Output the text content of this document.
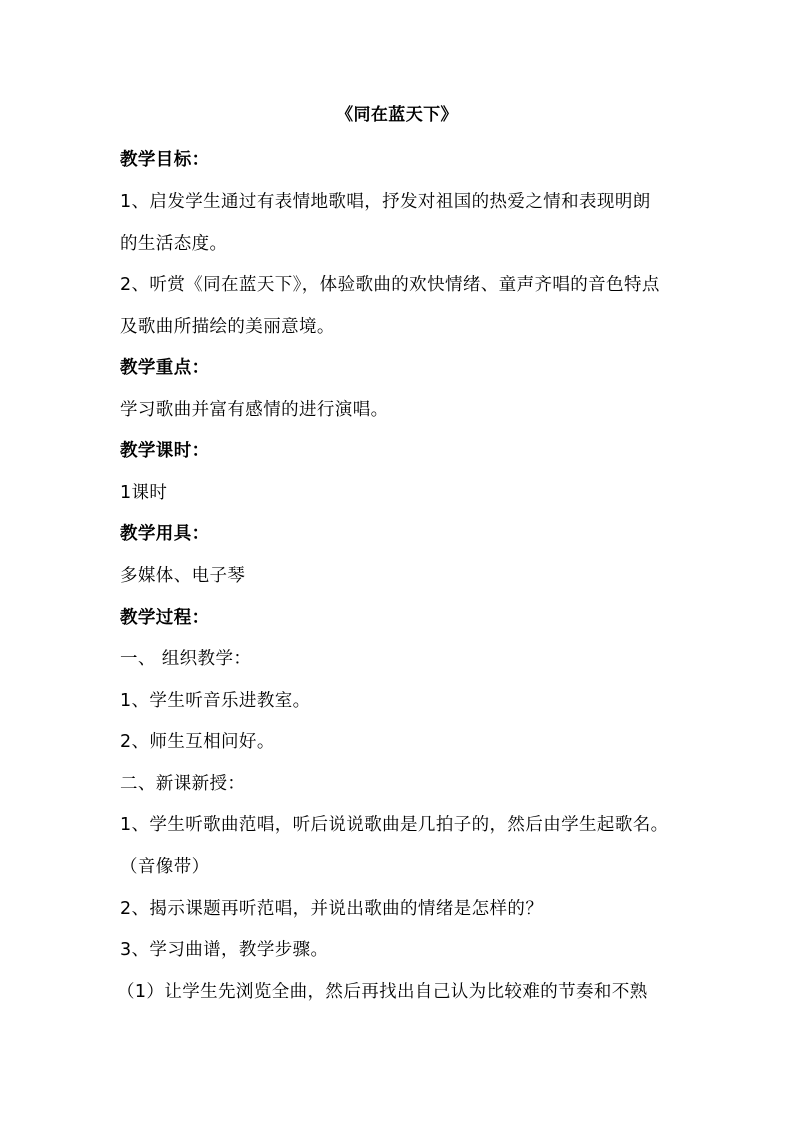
《同在蓝天下》
教学目标：
1、启发学生通过有表情地歌唱，抒发对祖国的热爱之情和表现明朗
的生活态度。
2、听赏《同在蓝天下》，体验歌曲的欢快情绪、童声齐唱的音色特点
及歌曲所描绘的美丽意境。
教学重点：
学习歌曲并富有感情的进行演唱。
教学课时：
1课时
教学用具：
多媒体、电子琴
教学过程：
一、 组织教学：
1、学生听音乐进教室。
2、师生互相问好。
二、新课新授：
1、学生听歌曲范唱，听后说说歌曲是几拍子的，然后由学生起歌名。
（音像带）
2、揭示课题再听范唱，并说出歌曲的情绪是怎样的？
3、学习曲谱，教学步骤。
（1）让学生先浏览全曲，然后再找出自己认为比较难的节奏和不熟
